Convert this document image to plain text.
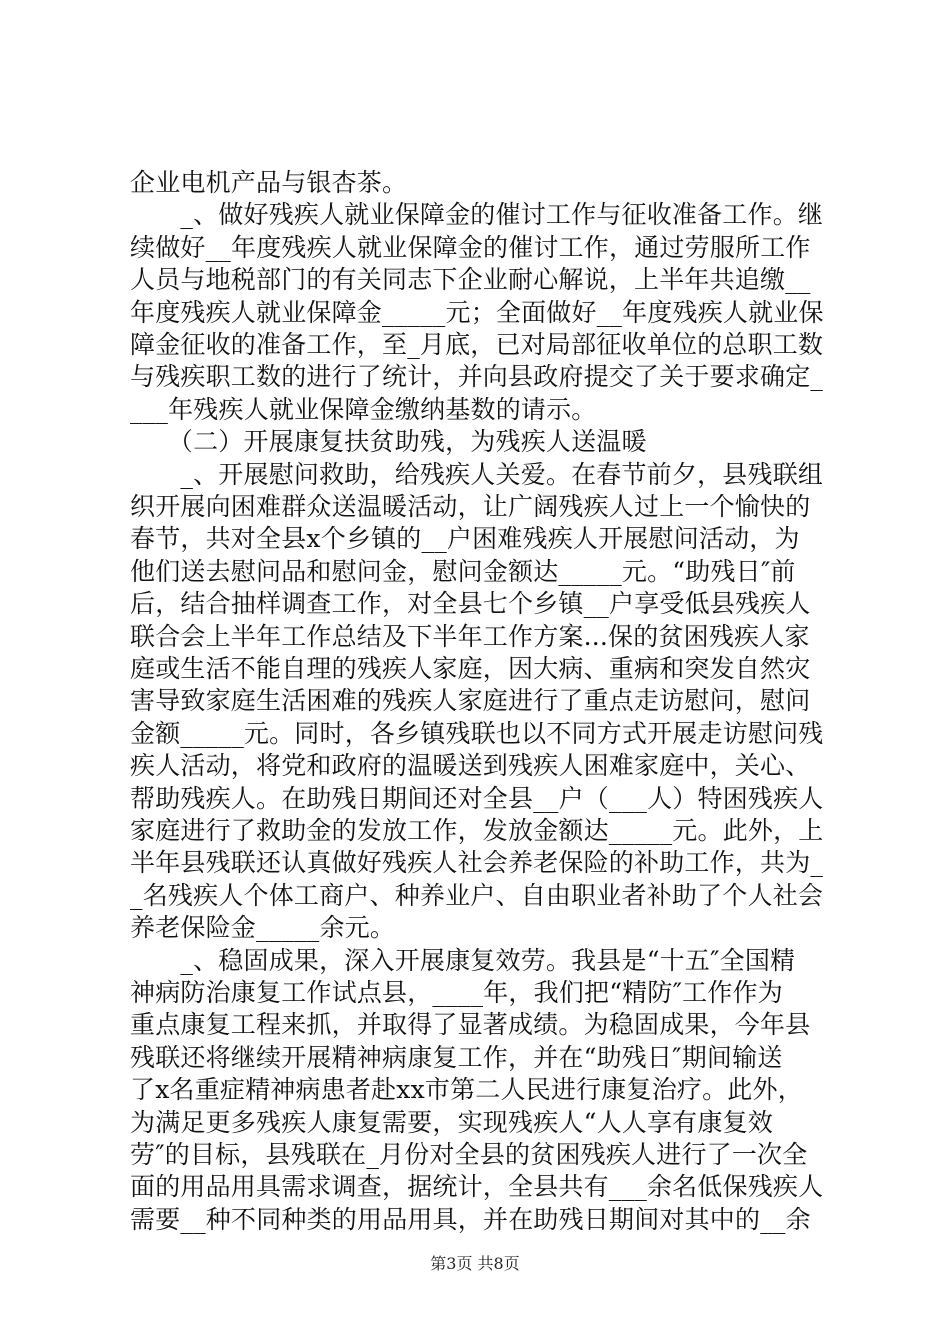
企业电机产品与银杏茶。
　　_、做好残疾人就业保障金的催讨工作与征收准备工作。继
续做好__年度残疾人就业保障金的催讨工作，通过劳服所工作
人员与地税部门的有关同志下企业耐心解说，上半年共追缴__
年度残疾人就业保障金_____元；全面做好__年度残疾人就业保
障金征收的准备工作，至_月底，已对局部征收单位的总职工数
与残疾职工数的进行了统计，并向县政府提交了关于要求确定_
___年残疾人就业保障金缴纳基数的请示。
　　（二）开展康复扶贫助残，为残疾人送温暖
　　_、开展慰问救助，给残疾人关爱。在春节前夕，县残联组
织开展向困难群众送温暖活动，让广阔残疾人过上一个愉快的
春节，共对全县x个乡镇的__户困难残疾人开展慰问活动，为
他们送去慰问品和慰问金，慰问金额达_____元。“助残日″前
后，结合抽样调查工作，对全县七个乡镇__户享受低县残疾人
联合会上半年工作总结及下半年工作方案...保的贫困残疾人家
庭或生活不能自理的残疾人家庭，因大病、重病和突发自然灾
害导致家庭生活困难的残疾人家庭进行了重点走访慰问，慰问
金额_____元。同时，各乡镇残联也以不同方式开展走访慰问残
疾人活动，将党和政府的温暖送到残疾人困难家庭中，关心、
帮助残疾人。在助残日期间还对全县__户（___人）特困残疾人
家庭进行了救助金的发放工作，发放金额达_____元。此外，上
半年县残联还认真做好残疾人社会养老保险的补助工作，共为_
_名残疾人个体工商户、种养业户、自由职业者补助了个人社会
养老保险金_____余元。
　　_、稳固成果，深入开展康复效劳。我县是“十五″全国精
神病防治康复工作试点县，____年，我们把“精防″工作作为
重点康复工程来抓，并取得了显著成绩。为稳固成果，今年县
残联还将继续开展精神病康复工作，并在“助残日″期间输送
了x名重症精神病患者赴xx市第二人民进行康复治疗。此外，
为满足更多残疾人康复需要，实现残疾人“人人享有康复效
劳″的目标，县残联在_月份对全县的贫困残疾人进行了一次全
面的用品用具需求调查，据统计，全县共有___余名低保残疾人
需要__种不同种类的用品用具，并在助残日期间对其中的__余
第3页 共8页
